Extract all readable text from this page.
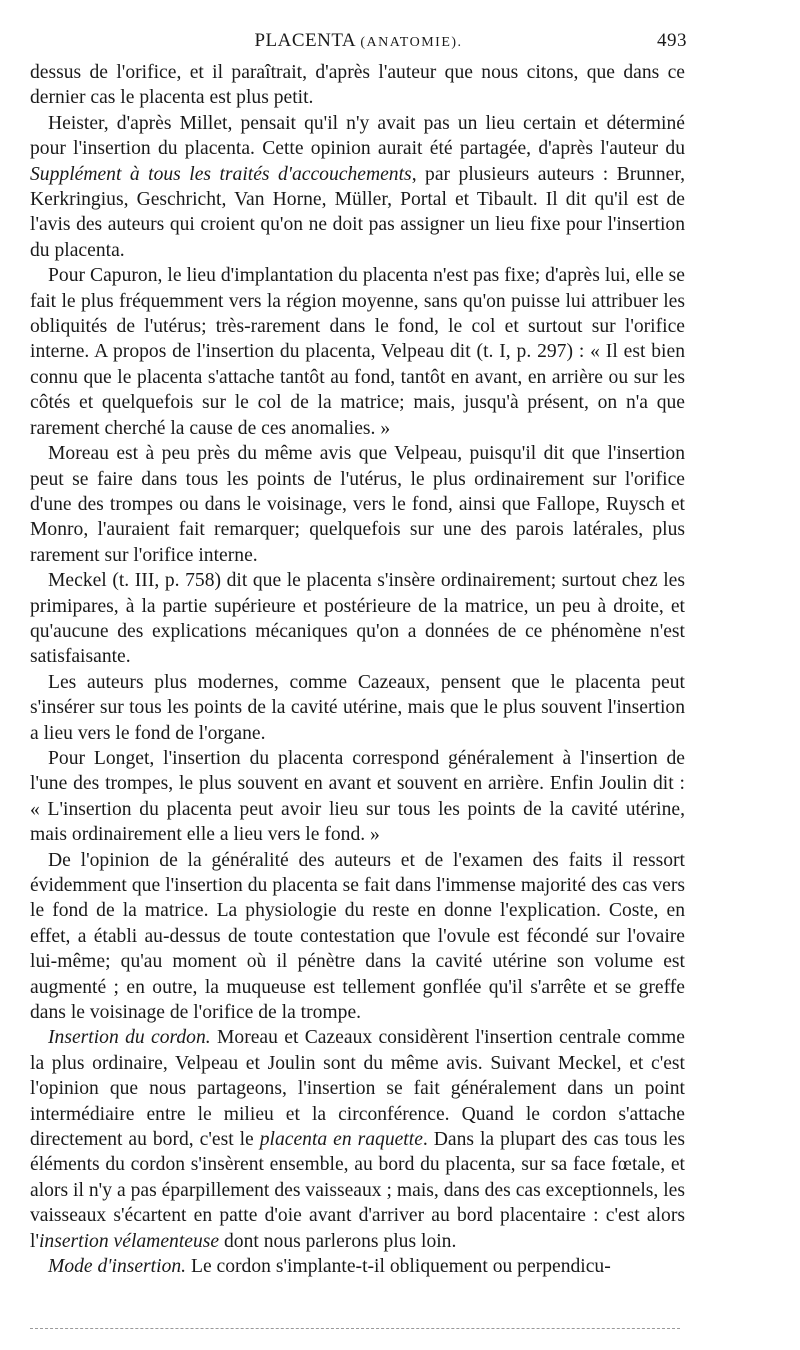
PLACENTA (ANATOMIE).	493

dessus de l'orifice, et il paraîtrait, d'après l'auteur que nous citons, que dans ce dernier cas le placenta est plus petit.

Heister, d'après Millet, pensait qu'il n'y avait pas un lieu certain et déterminé pour l'insertion du placenta. Cette opinion aurait été partagée, d'après l'auteur du Supplément à tous les traités d'accouchements, par plusieurs auteurs : Brunner, Kerkringius, Geschricht, Van Horne, Müller, Portal et Tibault. Il dit qu'il est de l'avis des auteurs qui croient qu'on ne doit pas assigner un lieu fixe pour l'insertion du placenta.

Pour Capuron, le lieu d'implantation du placenta n'est pas fixe; d'après lui, elle se fait le plus fréquemment vers la région moyenne, sans qu'on puisse lui attribuer les obliquités de l'utérus; très-rarement dans le fond, le col et surtout sur l'orifice interne. A propos de l'insertion du placenta, Velpeau dit (t. I, p. 297) : « Il est bien connu que le placenta s'attache tantôt au fond, tantôt en avant, en arrière ou sur les côtés et quelquefois sur le col de la matrice; mais, jusqu'à présent, on n'a que rarement cherché la cause de ces anomalies. »

Moreau est à peu près du même avis que Velpeau, puisqu'il dit que l'insertion peut se faire dans tous les points de l'utérus, le plus ordinairement sur l'orifice d'une des trompes ou dans le voisinage, vers le fond, ainsi que Fallope, Ruysch et Monro, l'auraient fait remarquer; quelquefois sur une des parois latérales, plus rarement sur l'orifice interne.

Meckel (t. III, p. 758) dit que le placenta s'insère ordinairement; surtout chez les primipares, à la partie supérieure et postérieure de la matrice, un peu à droite, et qu'aucune des explications mécaniques qu'on a données de ce phénomène n'est satisfaisante.

Les auteurs plus modernes, comme Cazeaux, pensent que le placenta peut s'insérer sur tous les points de la cavité utérine, mais que le plus souvent l'insertion a lieu vers le fond de l'organe.

Pour Longet, l'insertion du placenta correspond généralement à l'insertion de l'une des trompes, le plus souvent en avant et souvent en arrière. Enfin Joulin dit : « L'insertion du placenta peut avoir lieu sur tous les points de la cavité utérine, mais ordinairement elle a lieu vers le fond. »

De l'opinion de la généralité des auteurs et de l'examen des faits il ressort évidemment que l'insertion du placenta se fait dans l'immense majorité des cas vers le fond de la matrice. La physiologie du reste en donne l'explication. Coste, en effet, a établi au-dessus de toute contestation que l'ovule est fécondé sur l'ovaire lui-même; qu'au moment où il pénètre dans la cavité utérine son volume est augmenté ; en outre, la muqueuse est tellement gonflée qu'il s'arrête et se greffe dans le voisinage de l'orifice de la trompe.

Insertion du cordon. Moreau et Cazeaux considèrent l'insertion centrale comme la plus ordinaire, Velpeau et Joulin sont du même avis. Suivant Meckel, et c'est l'opinion que nous partageons, l'insertion se fait généralement dans un point intermédiaire entre le milieu et la circonférence. Quand le cordon s'attache directement au bord, c'est le placenta en raquette. Dans la plupart des cas tous les éléments du cordon s'insèrent ensemble, au bord du placenta, sur sa face fœtale, et alors il n'y a pas éparpillement des vaisseaux ; mais, dans des cas exceptionnels, les vaisseaux s'écartent en patte d'oie avant d'arriver au bord placentaire : c'est alors l'insertion vélamenteuse dont nous parlerons plus loin.

Mode d'insertion. Le cordon s'implante-t-il obliquement ou perpendicu-
